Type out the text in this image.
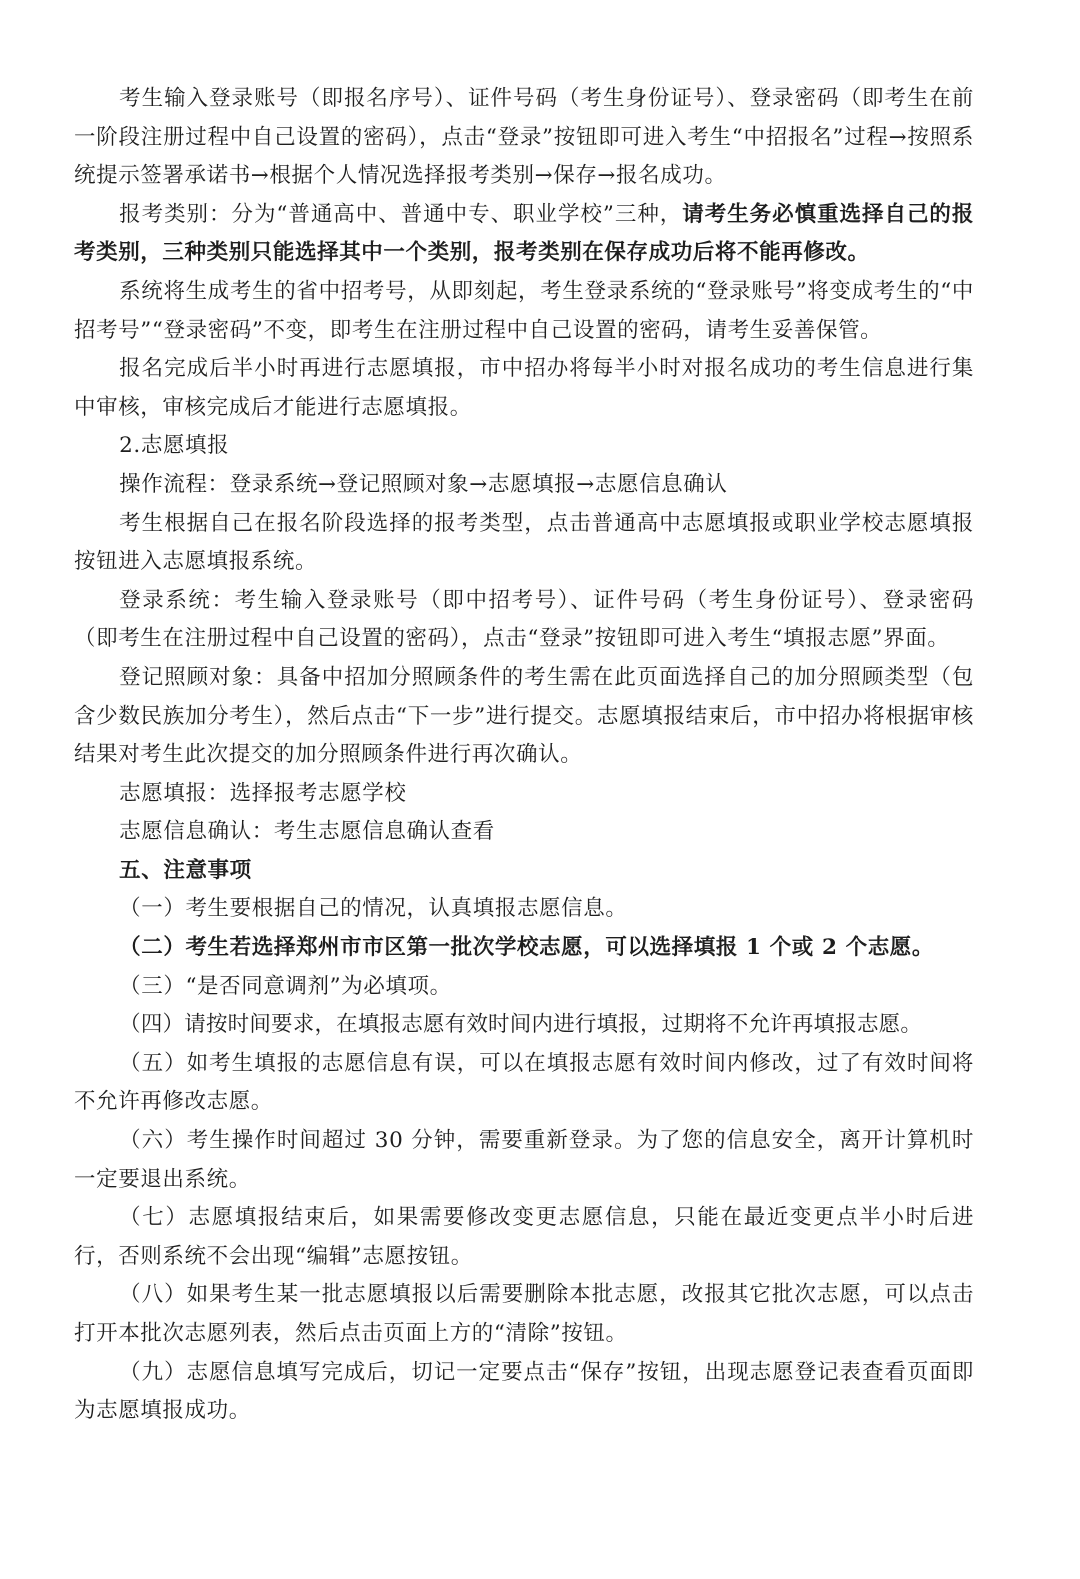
考生输入登录账号（即报名序号）、证件号码（考生身份证号）、登录密码（即考生在前一阶段注册过程中自己设置的密码），点击“登录”按钮即可进入考生“中招报名”过程→按照系统提示签署承诺书→根据个人情况选择报考类别→保存→报名成功。

报考类别：分为“普通高中、普通中专、职业学校”三种，请考生务必慎重选择自己的报考类别，三种类别只能选择其中一个类别，报考类别在保存成功后将不能再修改。

系统将生成考生的省中招考号，从即刻起，考生登录系统的“登录账号”将变成考生的“中招考号”“登录密码”不变，即考生在注册过程中自己设置的密码，请考生妥善保管。

报名完成后半小时再进行志愿填报，市中招办将每半小时对报名成功的考生信息进行集中审核，审核完成后才能进行志愿填报。

2.志愿填报

操作流程：登录系统→登记照顾对象→志愿填报→志愿信息确认

考生根据自己在报名阶段选择的报考类型，点击普通高中志愿填报或职业学校志愿填报按钮进入志愿填报系统。

登录系统：考生输入登录账号（即中招考号）、证件号码（考生身份证号）、登录密码（即考生在注册过程中自己设置的密码），点击“登录”按钮即可进入考生“填报志愿”界面。

登记照顾对象：具备中招加分照顾条件的考生需在此页面选择自己的加分照顾类型（包含少数民族加分考生），然后点击“下一步”进行提交。志愿填报结束后，市中招办将根据审核结果对考生此次提交的加分照顾条件进行再次确认。

志愿填报：选择报考志愿学校

志愿信息确认：考生志愿信息确认查看

五、注意事项

（一）考生要根据自己的情况，认真填报志愿信息。

（二）考生若选择郑州市市区第一批次学校志愿，可以选择填报 1 个或 2 个志愿。

（三）“是否同意调剂”为必填项。

（四）请按时间要求，在填报志愿有效时间内进行填报，过期将不允许再填报志愿。

（五）如考生填报的志愿信息有误，可以在填报志愿有效时间内修改，过了有效时间将不允许再修改志愿。

（六）考生操作时间超过 30 分钟，需要重新登录。为了您的信息安全，离开计算机时一定要退出系统。

（七）志愿填报结束后，如果需要修改变更志愿信息，只能在最近变更点半小时后进行，否则系统不会出现“编辑”志愿按钮。

（八）如果考生某一批志愿填报以后需要删除本批志愿，改报其它批次志愿，可以点击打开本批次志愿列表，然后点击页面上方的“清除”按钮。

（九）志愿信息填写完成后，切记一定要点击“保存”按钮，出现志愿登记表查看页面即为志愿填报成功。
